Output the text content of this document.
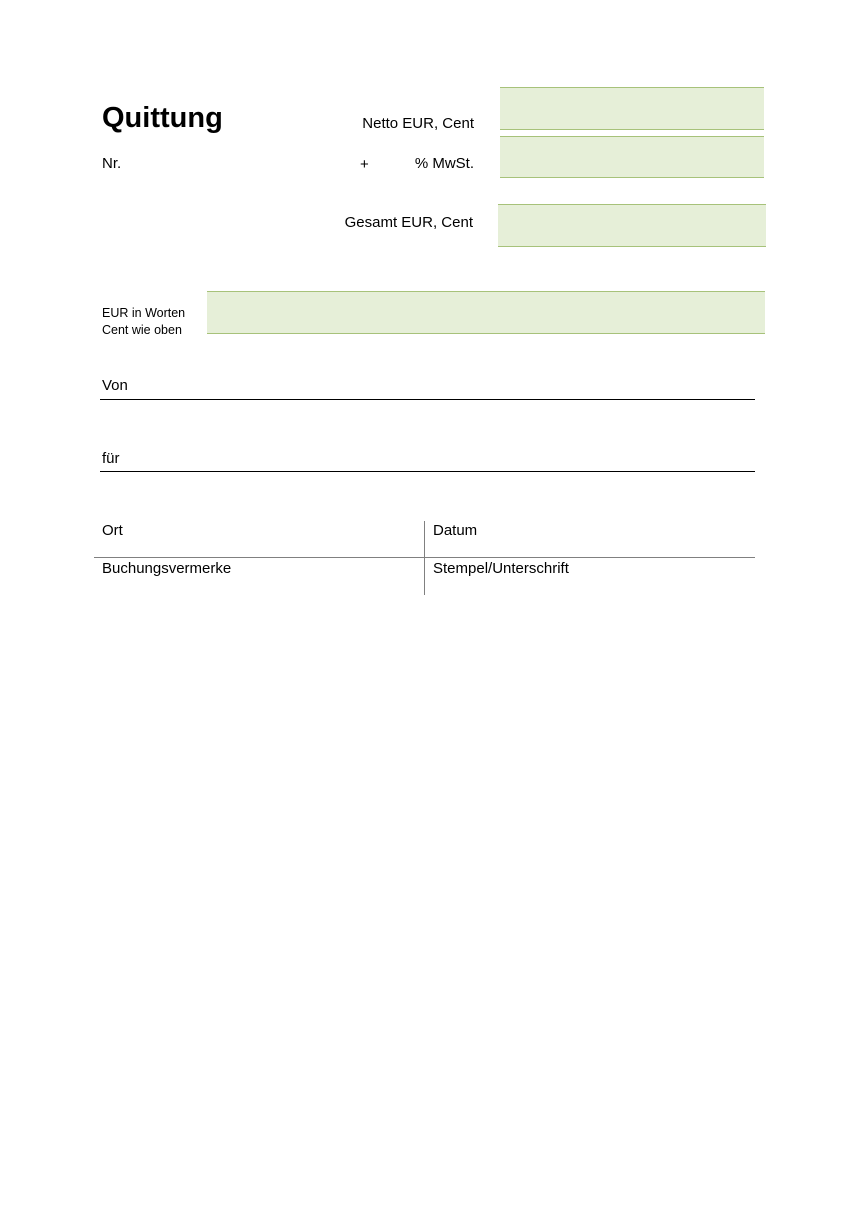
Quittung
Nr.
Netto EUR, Cent
+	% MwSt.
Gesamt EUR, Cent
EUR in Worten
Cent wie oben
Von
für
Ort	Datum
Buchungsvermerke	Stempel/Unterschrift
